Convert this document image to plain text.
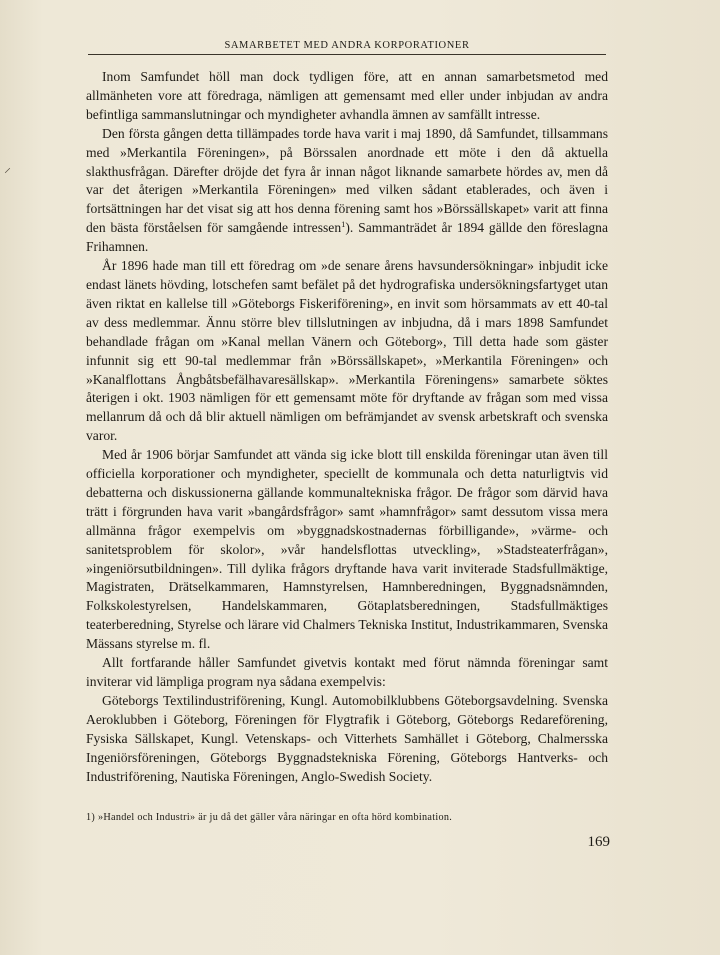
⸝
SAMARBETET MED ANDRA KORPORATIONER

Inom Samfundet höll man dock tydligen före, att en annan samarbetsmetod med allmänheten vore att föredraga, nämligen att gemensamt med eller under inbjudan av andra befintliga sammanslutningar och myndigheter avhandla ämnen av samfällt intresse.

Den första gången detta tillämpades torde hava varit i maj 1890, då Samfundet, tillsammans med »Merkantila Föreningen», på Börssalen anordnade ett möte i den då aktuella slakthusfrågan. Därefter dröjde det fyra år innan något liknande samarbete hördes av, men då var det återigen »Merkantila Föreningen» med vilken sådant etablerades, och även i fortsättningen har det visat sig att hos denna förening samt hos »Börssällskapet» varit att finna den bästa förståelsen för samgående intressen$^1$). Sammanträdet år 1894 gällde den föreslagna Frihamnen.

År 1896 hade man till ett föredrag om »de senare årens havsundersökningar» inbjudit icke endast länets hövding, lotschefen samt befälet på det hydrografiska undersökningsfartyget utan även riktat en kallelse till »Göteborgs Fiskeriförening», en invit som hörsammats av ett 40-tal av dess medlemmar. Ännu större blev tillslutningen av inbjudna, då i mars 1898 Samfundet behandlade frågan om »Kanal mellan Vänern och Göteborg», Till detta hade som gäster infunnit sig ett 90-tal medlemmar från »Börssällskapet», »Merkantila Föreningen» och »Kanalflottans Ångbåtsbefälhavaresällskap». »Merkantila Föreningens» samarbete söktes återigen i okt. 1903 nämligen för ett gemensamt möte för dryftande av frågan som med vissa mellanrum då och då blir aktuell nämligen om befrämjandet av svensk arbetskraft och svenska varor.

Med år 1906 börjar Samfundet att vända sig icke blott till enskilda föreningar utan även till officiella korporationer och myndigheter, speciellt de kommunala och detta naturligtvis vid debatterna och diskussionerna gällande kommunaltekniska frågor. De frågor som därvid hava trätt i förgrunden hava varit »bangårdsfrågor» samt »hamnfrågor» samt dessutom vissa mera allmänna frågor exempelvis om »byggnadskostnadernas förbilligande», »värme- och sanitetsproblem för skolor», »vår handelsflottas utveckling», »Stadsteaterfrågan», »ingeniörsutbildningen». Till dylika frågors dryftande hava varit inviterade Stadsfullmäktige, Magistraten, Drätselkammaren, Hamnstyrelsen, Hamnberedningen, Byggnadsnämnden, Folkskolestyrelsen, Handelskammaren, Götaplatsberedningen, Stadsfullmäktiges teaterberedning, Styrelse och lärare vid Chalmers Tekniska Institut, Industrikammaren, Svenska Mässans styrelse m. fl.

Allt fortfarande håller Samfundet givetvis kontakt med förut nämnda föreningar samt inviterar vid lämpliga program nya sådana exempelvis:

Göteborgs Textilindustriförening, Kungl. Automobilklubbens Göteborgsavdelning. Svenska Aeroklubben i Göteborg, Föreningen för Flygtrafik i Göteborg, Göteborgs Redareförening, Fysiska Sällskapet, Kungl. Vetenskaps- och Vitterhets Samhället i Göteborg, Chalmersska Ingeniörsföreningen, Göteborgs Byggnadstekniska Förening, Göteborgs Hantverks- och Industriförening, Nautiska Föreningen, Anglo-Swedish Society.

1) »Handel och Industri» är ju då det gäller våra näringar en ofta hörd kombination.
169
